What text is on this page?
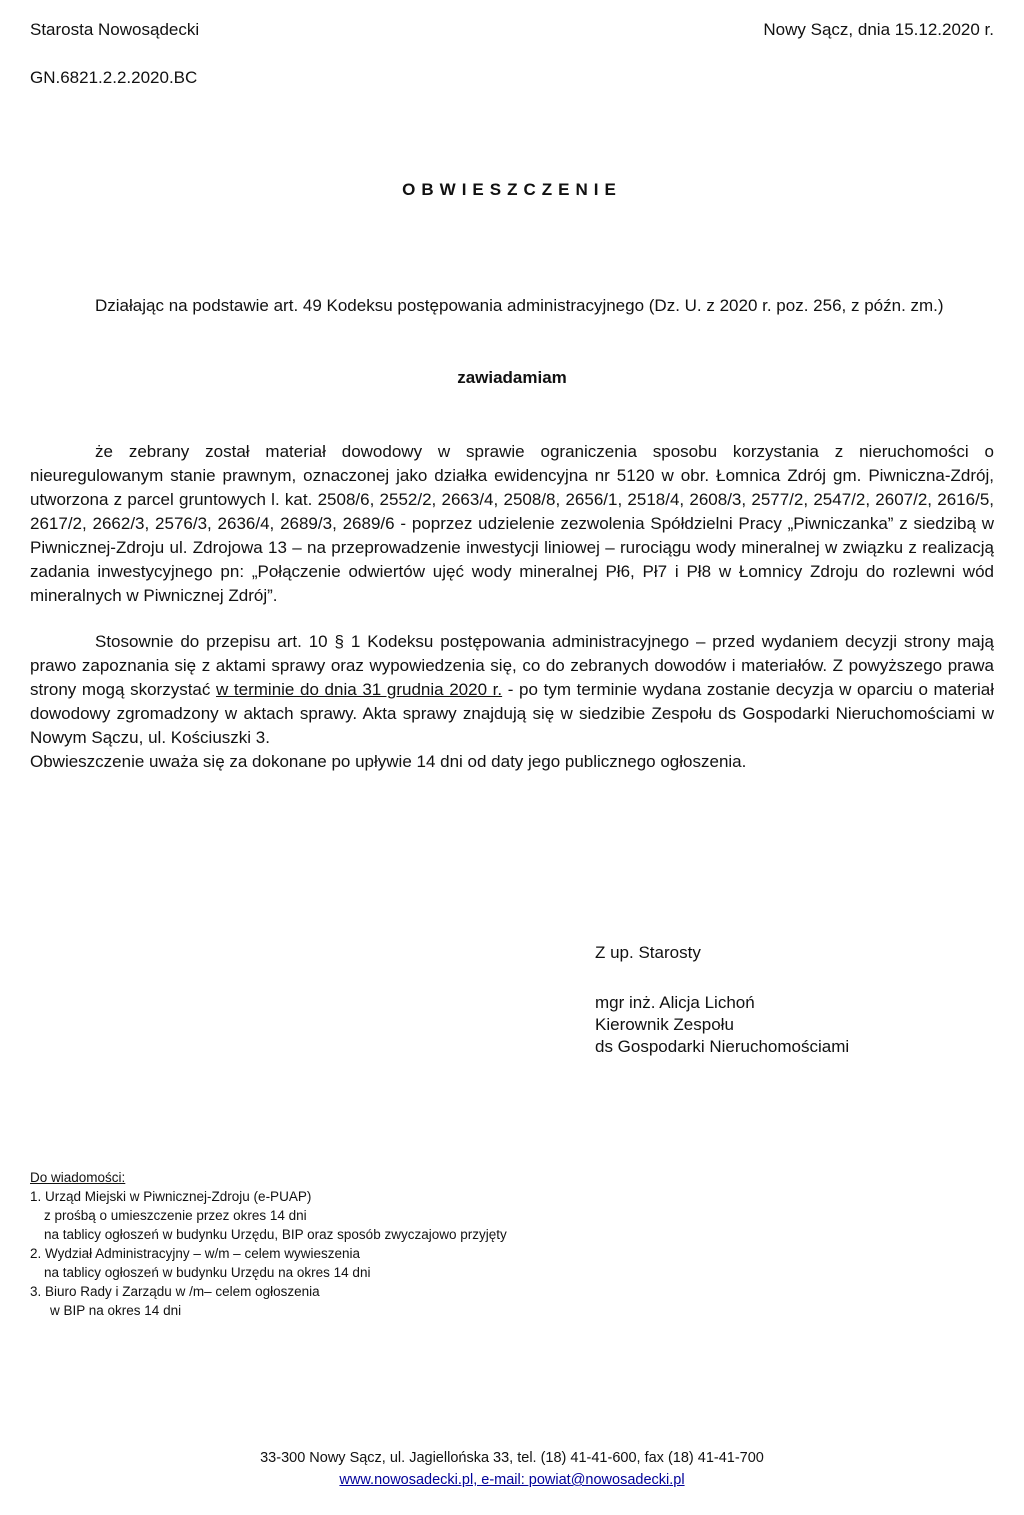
Starosta Nowosądecki	Nowy Sącz, dnia 15.12.2020 r.
GN.6821.2.2.2020.BC
OBWIESZCZENIE

Działając na podstawie art. 49 Kodeksu postępowania administracyjnego (Dz. U. z 2020 r. poz. 256, z późn. zm.)

zawiadamiam

że zebrany został materiał dowodowy w sprawie ograniczenia sposobu korzystania z nieruchomości o nieuregulowanym stanie prawnym, oznaczonej jako działka ewidencyjna nr 5120 w obr. Łomnica Zdrój gm. Piwniczna-Zdrój, utworzona z parcel gruntowych l. kat. 2508/6, 2552/2, 2663/4, 2508/8, 2656/1, 2518/4, 2608/3, 2577/2, 2547/2, 2607/2, 2616/5, 2617/2, 2662/3, 2576/3, 2636/4, 2689/3, 2689/6 - poprzez udzielenie zezwolenia Spółdzielni Pracy „Piwniczanka” z siedzibą w Piwnicznej-Zdroju ul. Zdrojowa 13 – na przeprowadzenie inwestycji liniowej – rurociągu wody mineralnej w związku z realizacją zadania inwestycyjnego pn: „Połączenie odwiertów ujęć wody mineralnej Pł6, Pł7 i Pł8 w Łomnicy Zdroju do rozlewni wód mineralnych w Piwnicznej Zdrój”.

Stosownie do przepisu art. 10 § 1 Kodeksu postępowania administracyjnego – przed wydaniem decyzji strony mają prawo zapoznania się z aktami sprawy oraz wypowiedzenia się, co do zebranych dowodów i materiałów. Z powyższego prawa strony mogą skorzystać w terminie do dnia 31 grudnia 2020 r. - po tym terminie wydana zostanie decyzja w oparciu o materiał dowodowy zgromadzony w aktach sprawy. Akta sprawy znajdują się w siedzibie Zespołu ds Gospodarki Nieruchomościami w Nowym Sączu, ul. Kościuszki 3.

Obwieszczenie uważa się za dokonane po upływie 14 dni od daty jego publicznego ogłoszenia.

Z up. Starosty
mgr inż. Alicja Lichoń
Kierownik Zespołu
ds Gospodarki Nieruchomościami
Do wiadomości:
1. Urząd Miejski w Piwnicznej-Zdroju (e-PUAP)
z prośbą o umieszczenie przez okres 14 dni
na tablicy ogłoszeń w budynku Urzędu, BIP oraz sposób zwyczajowo przyjęty
2. Wydział Administracyjny – w/m – celem wywieszenia
na tablicy ogłoszeń w budynku Urzędu na okres 14 dni
3. Biuro Rady i Zarządu w /m– celem ogłoszenia
w BIP na okres 14 dni
33-300 Nowy Sącz, ul. Jagiellońska 33, tel. (18) 41-41-600, fax (18) 41-41-700
www.nowosadecki.pl, e-mail: powiat@nowosadecki.pl
